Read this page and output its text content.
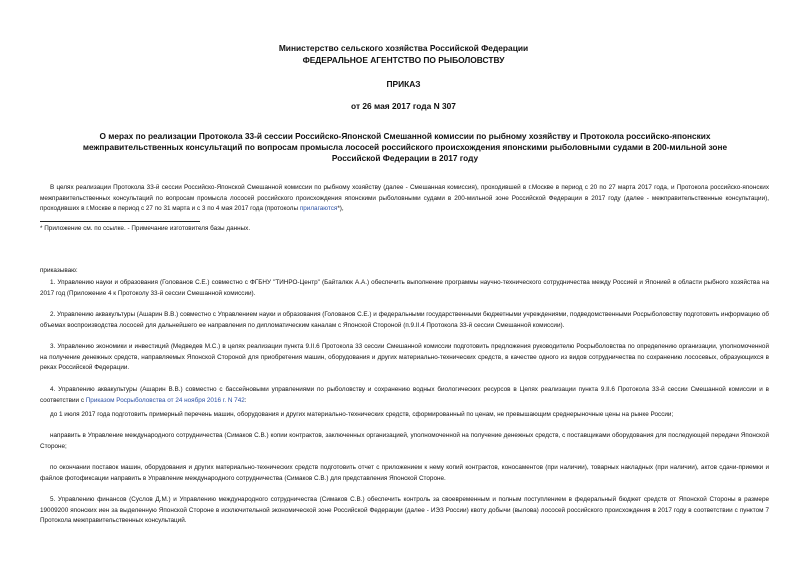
Министерство сельского хозяйства Российской Федерации
ФЕДЕРАЛЬНОЕ АГЕНТСТВО ПО РЫБОЛОВСТВУ
ПРИКАЗ
от 26 мая 2017 года N 307
О мерах по реализации Протокола 33-й сессии Российско-Японской Смешанной комиссии по рыбному хозяйству и Протокола российско-японских
межправительственных консультаций по вопросам промысла лососей российского происхождения японскими рыболовными судами в 200-мильной зоне
Российской Федерации в 2017 году
В целях реализации Протокола 33-й сессии Российско-Японской Смешанной комиссии по рыбному хозяйству (далее - Смешанная комиссия), проходившей в г.Москве в период с 20 по 27 марта 2017 года, и Протокола российско-японских межправительственных консультаций по вопросам промысла лососей российского происхождения японскими рыболовными судами в 200-мильной зоне Российской Федерации в 2017 году (далее - межправительственные консультации), проходивших в г.Москве в период с 27 по 31 марта и с 3 по 4 мая 2017 года (протоколы прилагаются*),
* Приложение см. по ссылке. - Примечание изготовителя базы данных.
приказываю:
1. Управлению науки и образования (Голованов С.Е.) совместно с ФГБНУ "ТИНРО-Центр" (Байталюк А.А.) обеспечить выполнение программы научно-технического сотрудничества между Россией и Японией в области рыбного хозяйства на 2017 год (Приложение 4 к Протоколу 33-й сессии Смешанной комиссии).
2. Управлению аквакультуры (Ашарин В.В.) совместно с Управлением науки и образования (Голованов С.Е.) и федеральными государственными бюджетными учреждениями, подведомственными Росрыболовству подготовить информацию об объемах воспроизводства лососей для дальнейшего ее направления по дипломатическим каналам с Японской Стороной (п.9.II.4 Протокола 33-й сессии Смешанной комиссии).
3. Управлению экономики и инвестиций (Медведев М.С.) в целях реализации пункта 9.II.6 Протокола 33 сессии Смешанной комиссии подготовить предложения руководителю Росрыболовства по определению организации, уполномоченной на получение денежных средств, направляемых Японской Стороной для приобретения машин, оборудования и других материально-технических средств, в качестве одного из видов сотрудничества по сохранению лососевых, образующихся в реках Российской Федерации.
4. Управлению аквакультуры (Ашарин В.В.) совместно с бассейновыми управлениями по рыболовству и сохранению водных биологических ресурсов в Целях реализации пункта 9.II.6 Протокола 33-й сессии Смешанной комиссии и в соответствии с Приказом Росрыболовства от 24 ноября 2016 г. N 742:
до 1 июля 2017 года подготовить примерный перечень машин, оборудования и других материально-технических средств, сформированный по ценам, не превышающим среднерыночные цены на рынке России;
направить в Управление международного сотрудничества (Симаков С.В.) копии контрактов, заключенных организацией, уполномоченной на получение денежных средств, с поставщиками оборудования для последующей передачи Японской Стороне;
по окончании поставок машин, оборудования и других материально-технических средств подготовить отчет с приложением к нему копий контрактов, коносаментов (при наличии), товарных накладных (при наличии), актов сдачи-приемки и файлов фотофиксации направить в Управление международного сотрудничества (Симаков С.В.) для представления Японской Стороне.
5. Управлению финансов (Суслов Д.М.) и Управлению международного сотрудничества (Симаков С.В.) обеспечить контроль за своевременным и полным поступлением в федеральный бюджет средств от Японской Стороны в размере 19009200 японских иен за выделенную Японской Стороне в исключительной экономической зоне Российской Федерации (далее - ИЭЗ России) квоту добычи (вылова) лососей российского происхождения в 2017 году в соответствии с пунктом 7 Протокола межправительственных консультаций.
